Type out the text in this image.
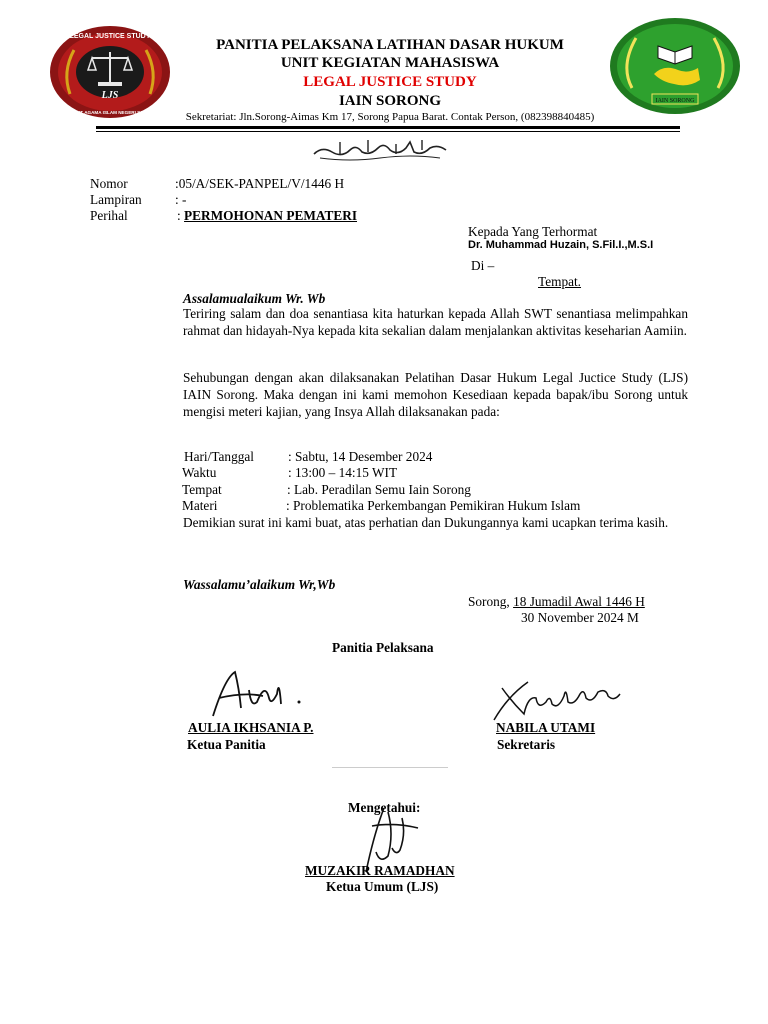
LJS
LEGAL JUSTICE STUDY
INSTITUT AGAMA ISLAM NEGERI SORONG
IAIN SORONG
PANITIA PELAKSANA LATIHAN DASAR HUKUM
UNIT KEGIATAN MAHASISWA
LEGAL JUSTICE STUDY
IAIN SORONG
Sekretariat: Jln.Sorong-Aimas Km 17, Sorong Papua Barat. Contak Person, (082398840485)
Nomor	:05/A/SEK-PANPEL/V/1446 H
Lampiran	: -
Perihal	: PERMOHONAN PEMATERI
Kepada Yang Terhormat
Dr. Muhammad Huzain, S.Fil.I.,M.S.I
Di –
Tempat.
Assalamualaikum Wr. Wb
Teriring salam dan doa senantiasa kita haturkan kepada Allah SWT senantiasa melimpahkan rahmat dan hidayah-Nya kepada kita sekalian dalam menjalankan aktivitas keseharian Aamiin.
Sehubungan dengan akan dilaksanakan Pelatihan Dasar Hukum Legal Juctice Study (LJS) IAIN Sorong. Maka dengan ini kami memohon Kesediaan kepada bapak/ibu Sorong untuk mengisi meteri kajian, yang Insya Allah dilaksanakan pada:
Hari/Tanggal	: Sabtu, 14 Desember 2024
Waktu	: 13:00 – 14:15 WIT
Tempat	: Lab. Peradilan Semu Iain Sorong
Materi	: Problematika Perkembangan Pemikiran Hukum Islam
Demikian surat ini kami buat, atas perhatian dan Dukungannya kami ucapkan terima kasih.
Wassalamu’alaikum Wr,Wb
Sorong, 18 Jumadil Awal 1446 H
30 November 2024 M
Panitia Pelaksana
AULIA IKHSANIA P.
Ketua Panitia
NABILA UTAMI
Sekretaris
Mengetahui:
MUZAKIR RAMADHAN
Ketua Umum (LJS)
